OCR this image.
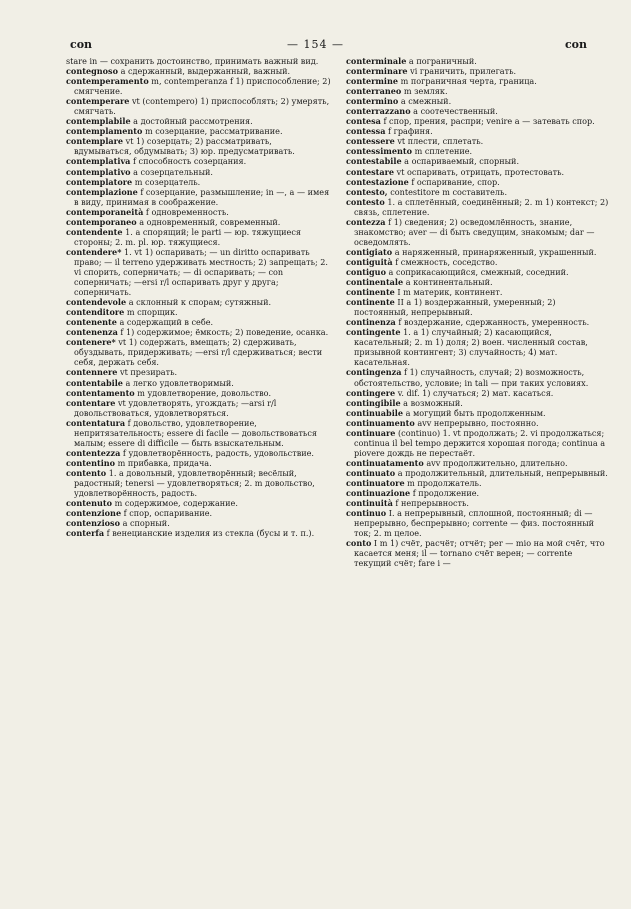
con	— 154 —	con

stare in — сохранить достоинство, принимать важный вид.

contegnoso a сдержанный, выдержанный, важный.

contemperamento m, contemperanza f 1) приспособление; 2) смягчение.

contemperare vt (contempero) 1) приспособлять; 2) умерять, смягчать.

contemplabile a достойный рассмотрения.

contemplamento m созерцание, рассматривание.

contemplare vt 1) созерцать; 2) рассматривать, вдумываться, обдумывать; 3) юр. предусматривать.

contemplativa f способность созерцания.

contemplativo a созерцательный.

contemplatore m созерцатель.

contemplazione f созерцание, размышление; in —, a — имея в виду, принимая в соображение.

contemporaneità f одновременность.

contemporaneo a одновременный, современный.

contendente 1. a спорящий; le parti — юр. тяжущиеся стороны; 2. m. pl. юр. тяжущиеся.

contendere* 1. vt 1) оспаривать; — un diritto оспаривать право; — il terreno удерживать местность; 2) запрещать; 2. vi спорить, соперничать; — di оспаривать; — con соперничать; —ersi r/l оспаривать друг у друга; соперничать.

contendevole a склонный к спорам; сутяжный.

contenditore m спорщик.

contenente a содержащий в себе.

contenenza f 1) содержимое; ёмкость; 2) поведение, осанка.

contenere* vt 1) содержать, вмещать; 2) сдерживать, обуздывать, придерживать; —ersi r/l сдерживаться; вести себя, держать себя.

contennere vt презирать.

contentabile a легко удовлетворимый.

contentamento m удовлетворение, довольство.

contentare vt удовлетворять, угождать; —arsi r/l довольствоваться, удовлетворяться.

contentatura f довольство, удовлетворение, непритязательность; essere di facile — довольствоваться малым; essere di difficile — быть взыскательным.

contentezza f удовлетворённость, радость, удовольствие.

contentino m прибавка, придача.

contento 1. a довольный, удовлетворённый; весёлый, радостный; tenersi — удовлетворяться; 2. m довольство, удовлетворённость, радость.

contenuto m содержимое, содержание.

contenzione f спор, оспаривание.

contenzioso a спорный.

conterfa f венецианские изделия из стекла (бусы и т. п.).

conterminale a пограничный.

conterminare vi граничить, прилегать.

contermine m пограничная черта, граница.

conterraneo m земляк.

conterminо a смежный.

conterrazzano a соотечественный.

contesa f спор, прения, распри; venire a — затевать спор.

contessa f графиня.

contessere vt плести, сплетать.

contessimento m сплетение.

contestabile a оспариваемый, спорный.

contestare vt оспаривать, отрицать, протестовать.

contestazione f оспаривание, спор.

contesto, contestitore m составитель.

contesto 1. a сплетённый, соединённый; 2. m 1) контекст; 2) связь, сплетение.

contezza f 1) сведения; 2) осведомлённость, знание, знакомство; aver — di быть сведущим, знакомым; dar — осведомлять.

contigiato a наряженный, принаряженный, украшенный.

contiguità f смежность, соседство.

contiguo a соприкасающийся, смежный, соседний.

continentale a континентальный.

continente I m материк, континент.

continente II a 1) воздержанный, умеренный; 2) постоянный, непрерывный.

continenza f воздержание, сдержанность, умеренность.

contingente 1. a 1) случайный; 2) касающийся, касательный; 2. m 1) доля; 2) воен. численный состав, призывной контингент; 3) случайность; 4) мат. касательная.

contingenza f 1) случайность, случай; 2) возможность, обстоятельство, условие; in tali — при таких условиях.

contingere v. dif. 1) случаться; 2) мат. касаться.

contingibile a возможный.

continuabile a могущий быть продолженным.

continuamento avv непрерывно, постоянно.

continuare (continuo) 1. vt продолжать; 2. vi продолжаться; continua il bel tempo держится хорошая погода; continua a piovere дождь не перестаёт.

continuatamento avv продолжительно, длительно.

continuato a продолжительный, длительный, непрерывный.

continuatore m продолжатель.

continuazione f продолжение.

continuità f непрерывность.

continuo I. a непрерывный, сплошной, постоянный; di — непрерывно, беспрерывно; corrente — физ. постоянный ток; 2. m целое.

conto I m 1) счёт, расчёт; отчёт; per — mio на мой счёт, что касается меня; il — tornano счёт верен; — corrente текущий счёт; fare i —
